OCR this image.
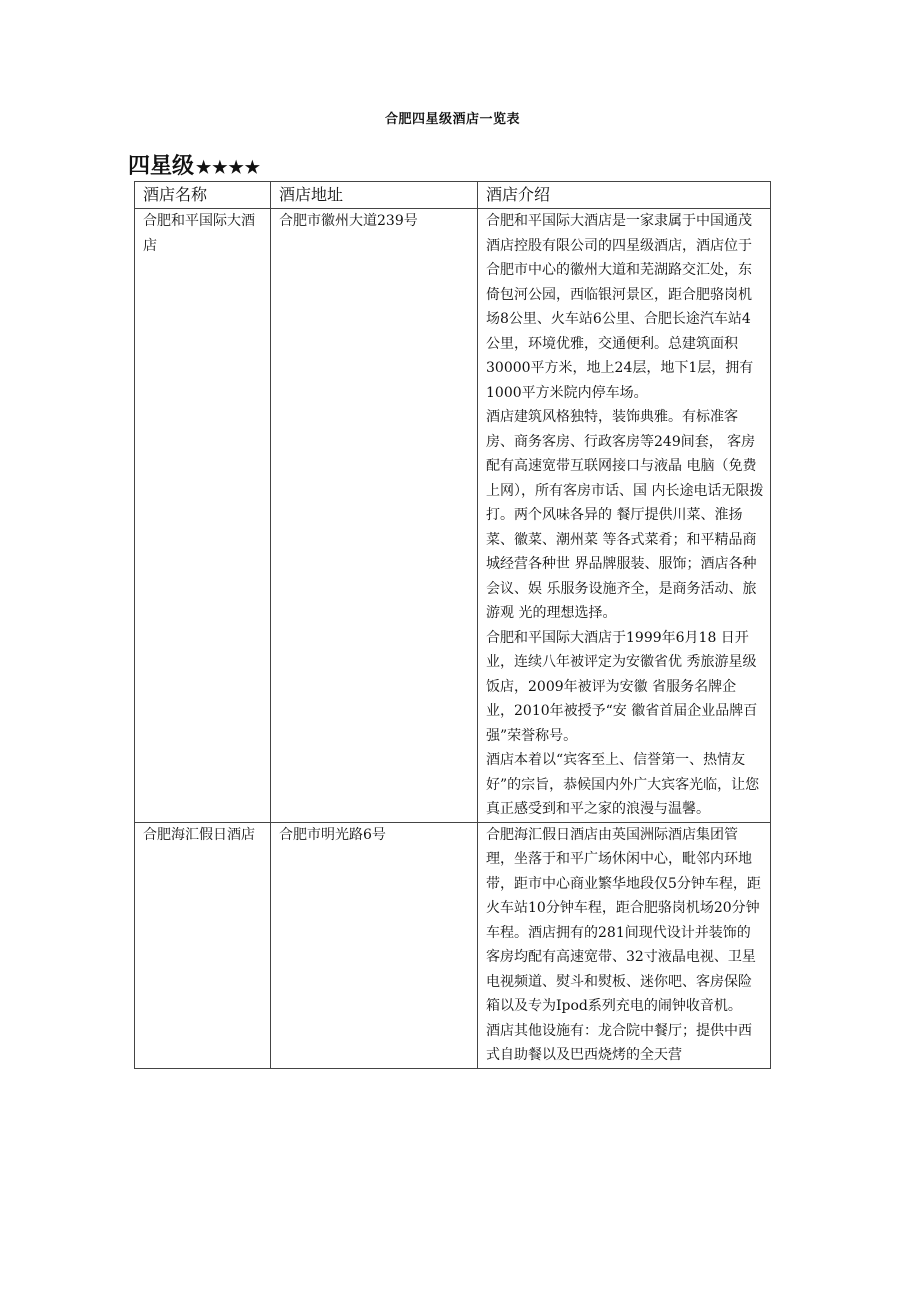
合肥四星级酒店一览表
四星级 ★★★★
酒店名称	酒店地址	酒店介绍
合肥和平国际大酒店	合肥市徽州大道239号	合肥和平国际大酒店是一家隶属于中国通茂酒店控股有限公司的四星级酒店，酒店位于合肥市中心的徽州大道和芜湖路交汇处，东倚包河公园，西临银河景区，距合肥骆岗机场8公里、火车站6公里、合肥长途汽车站4公里，环境优雅，交通便利。总建筑面积30000平方米，地上24层，地下1层，拥有1000平方米院内停车场。
酒店建筑风格独特，装饰典雅。有标准客房、商务客房、行政客房等249间套， 客房配有高速宽带互联网接口与液晶 电脑（免费上网），所有客房市话、国 内长途电话无限拨打。两个风味各异的 餐厅提供川菜、淮扬菜、徽菜、潮州菜 等各式菜肴；和平精品商城经营各种世 界品牌服装、服饰；酒店各种会议、娱 乐服务设施齐全，是商务活动、旅游观 光的理想选择。
合肥和平国际大酒店于1999年6月18 日开业，连续八年被评定为安徽省优 秀旅游星级饭店，2009年被评为安徽 省服务名牌企业，2010年被授予“安 徽省首届企业品牌百强”荣誉称号。
酒店本着以“宾客至上、信誉第一、热情友好”的宗旨，恭候国内外广大宾客光临，让您真正感受到和平之家的浪漫与温馨。

合肥海汇假日酒店	合肥市明光路6号	合肥海汇假日酒店由英国洲际酒店集团管理，坐落于和平广场休闲中心，毗邻内环地带，距市中心商业繁华地段仅5分钟车程，距火车站10分钟车程，距合肥骆岗机场20分钟车程。酒店拥有的281间现代设计并装饰的客房均配有高速宽带、32寸液晶电视、卫星电视频道、熨斗和熨板、迷你吧、客房保险箱以及专为Ipod系列充电的闹钟收音机。
酒店其他设施有：龙合院中餐厅；提供中西式自助餐以及巴西烧烤的全天营
